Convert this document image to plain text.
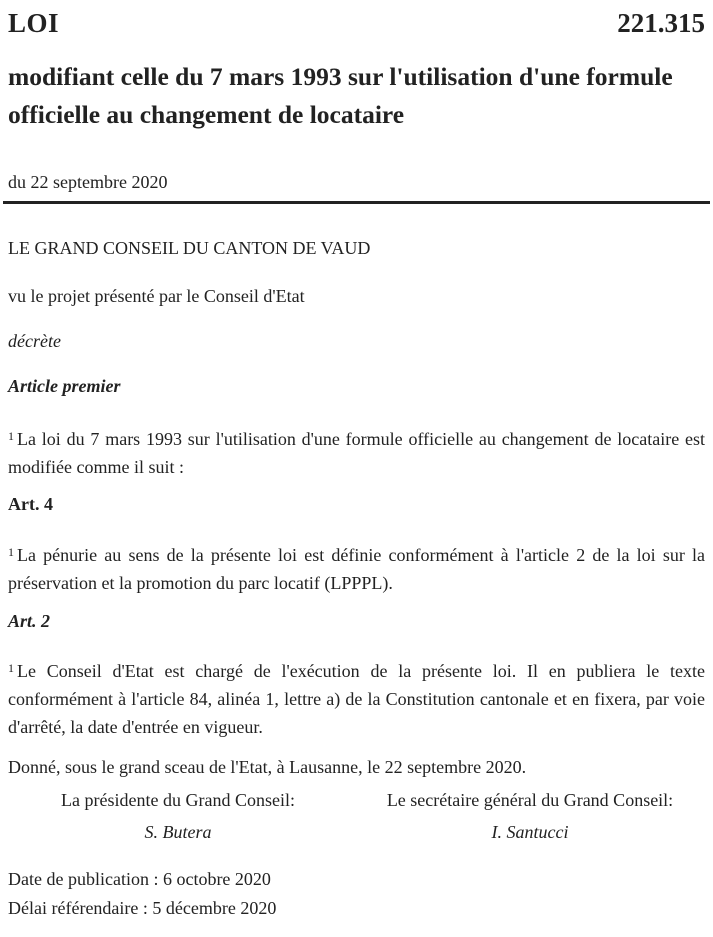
LOI	221.315
modifiant celle du 7 mars 1993 sur l'utilisation d'une formule officielle au changement de locataire
du 22 septembre 2020
LE GRAND CONSEIL DU CANTON DE VAUD
vu le projet présenté par le Conseil d'Etat
décrète
Article premier
$^1$ La loi du 7 mars 1993 sur l'utilisation d'une formule officielle au changement de locataire est modifiée comme il suit :
Art. 4
$^1$ La pénurie au sens de la présente loi est définie conformément à l'article 2 de la loi sur la préservation et la promotion du parc locatif (LPPPL).
Art. 2
$^1$ Le Conseil d'Etat est chargé de l'exécution de la présente loi. Il en publiera le texte conformément à l'article 84, alinéa 1, lettre a) de la Constitution cantonale et en fixera, par voie d'arrêté, la date d'entrée en vigueur.
Donné, sous le grand sceau de l'Etat, à Lausanne, le 22 septembre 2020.
La présidente du Grand Conseil:
S. Butera
Le secrétaire général du Grand Conseil:
I. Santucci
Date de publication : 6 octobre 2020
Délai référendaire : 5 décembre 2020
